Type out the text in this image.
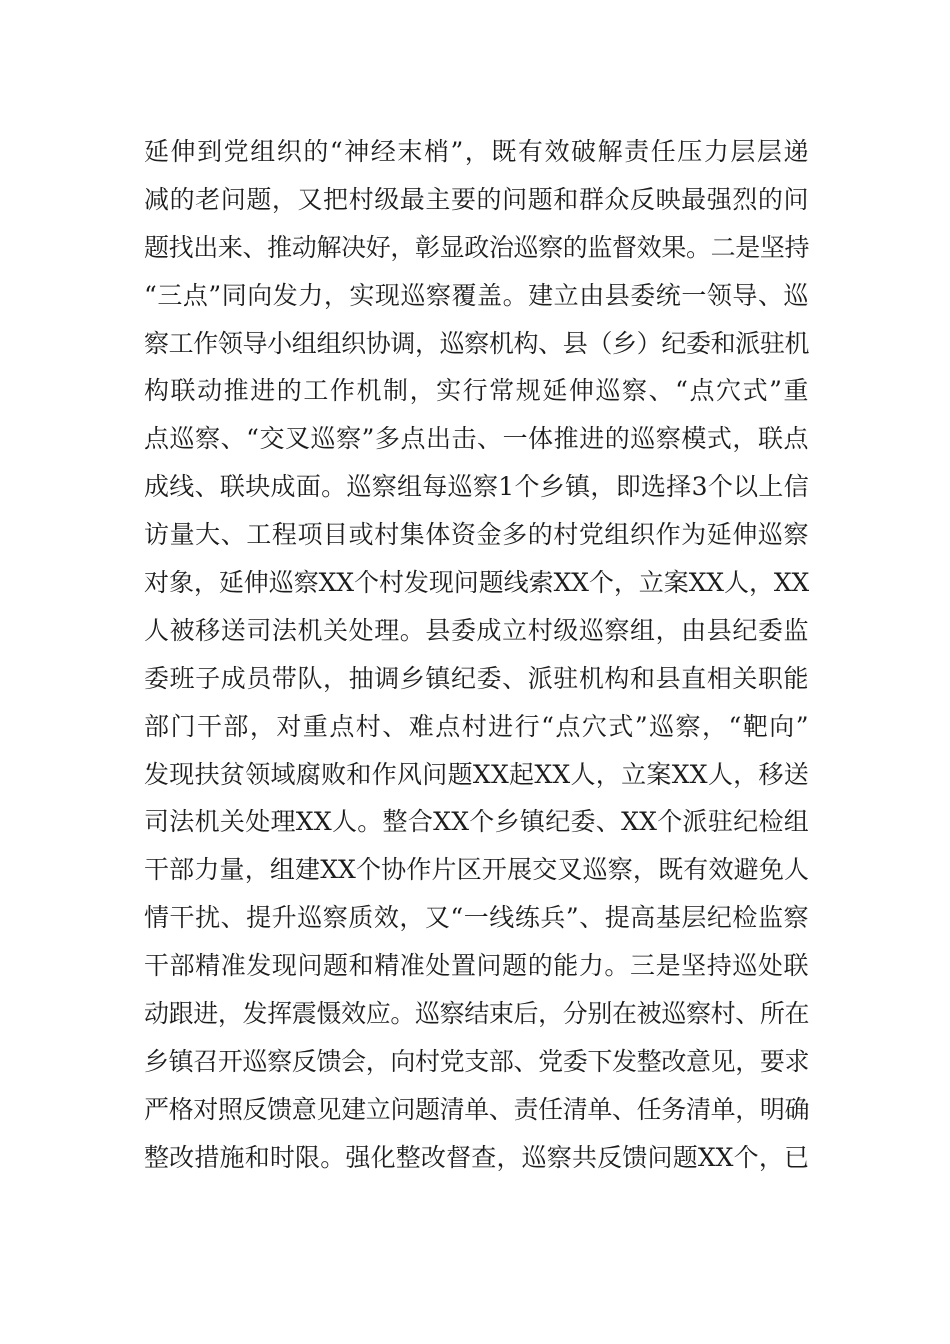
延伸到党组织的“神经末梢”，既有效破解责任压力层层递
减的老问题，又把村级最主要的问题和群众反映最强烈的问
题找出来、推动解决好，彰显政治巡察的监督效果。二是坚持
“三点”同向发力，实现巡察覆盖。建立由县委统一领导、巡
察工作领导小组组织协调，巡察机构、县（乡）纪委和派驻机
构联动推进的工作机制，实行常规延伸巡察、“点穴式”重
点巡察、“交叉巡察”多点出击、一体推进的巡察模式，联点
成线、联块成面。巡察组每巡察1个乡镇，即选择3个以上信
访量大、工程项目或村集体资金多的村党组织作为延伸巡察
对象，延伸巡察XX个村发现问题线索XX个，立案XX人，XX
人被移送司法机关处理。县委成立村级巡察组，由县纪委监
委班子成员带队，抽调乡镇纪委、派驻机构和县直相关职能
部门干部，对重点村、难点村进行“点穴式”巡察，“靶向”
发现扶贫领域腐败和作风问题XX起XX人，立案XX人，移送
司法机关处理XX人。整合XX个乡镇纪委、XX个派驻纪检组
干部力量，组建XX个协作片区开展交叉巡察，既有效避免人
情干扰、提升巡察质效，又“一线练兵”、提高基层纪检监察
干部精准发现问题和精准处置问题的能力。三是坚持巡处联
动跟进，发挥震慑效应。巡察结束后，分别在被巡察村、所在
乡镇召开巡察反馈会，向村党支部、党委下发整改意见，要求
严格对照反馈意见建立问题清单、责任清单、任务清单，明确
整改措施和时限。强化整改督查，巡察共反馈问题XX个，已
